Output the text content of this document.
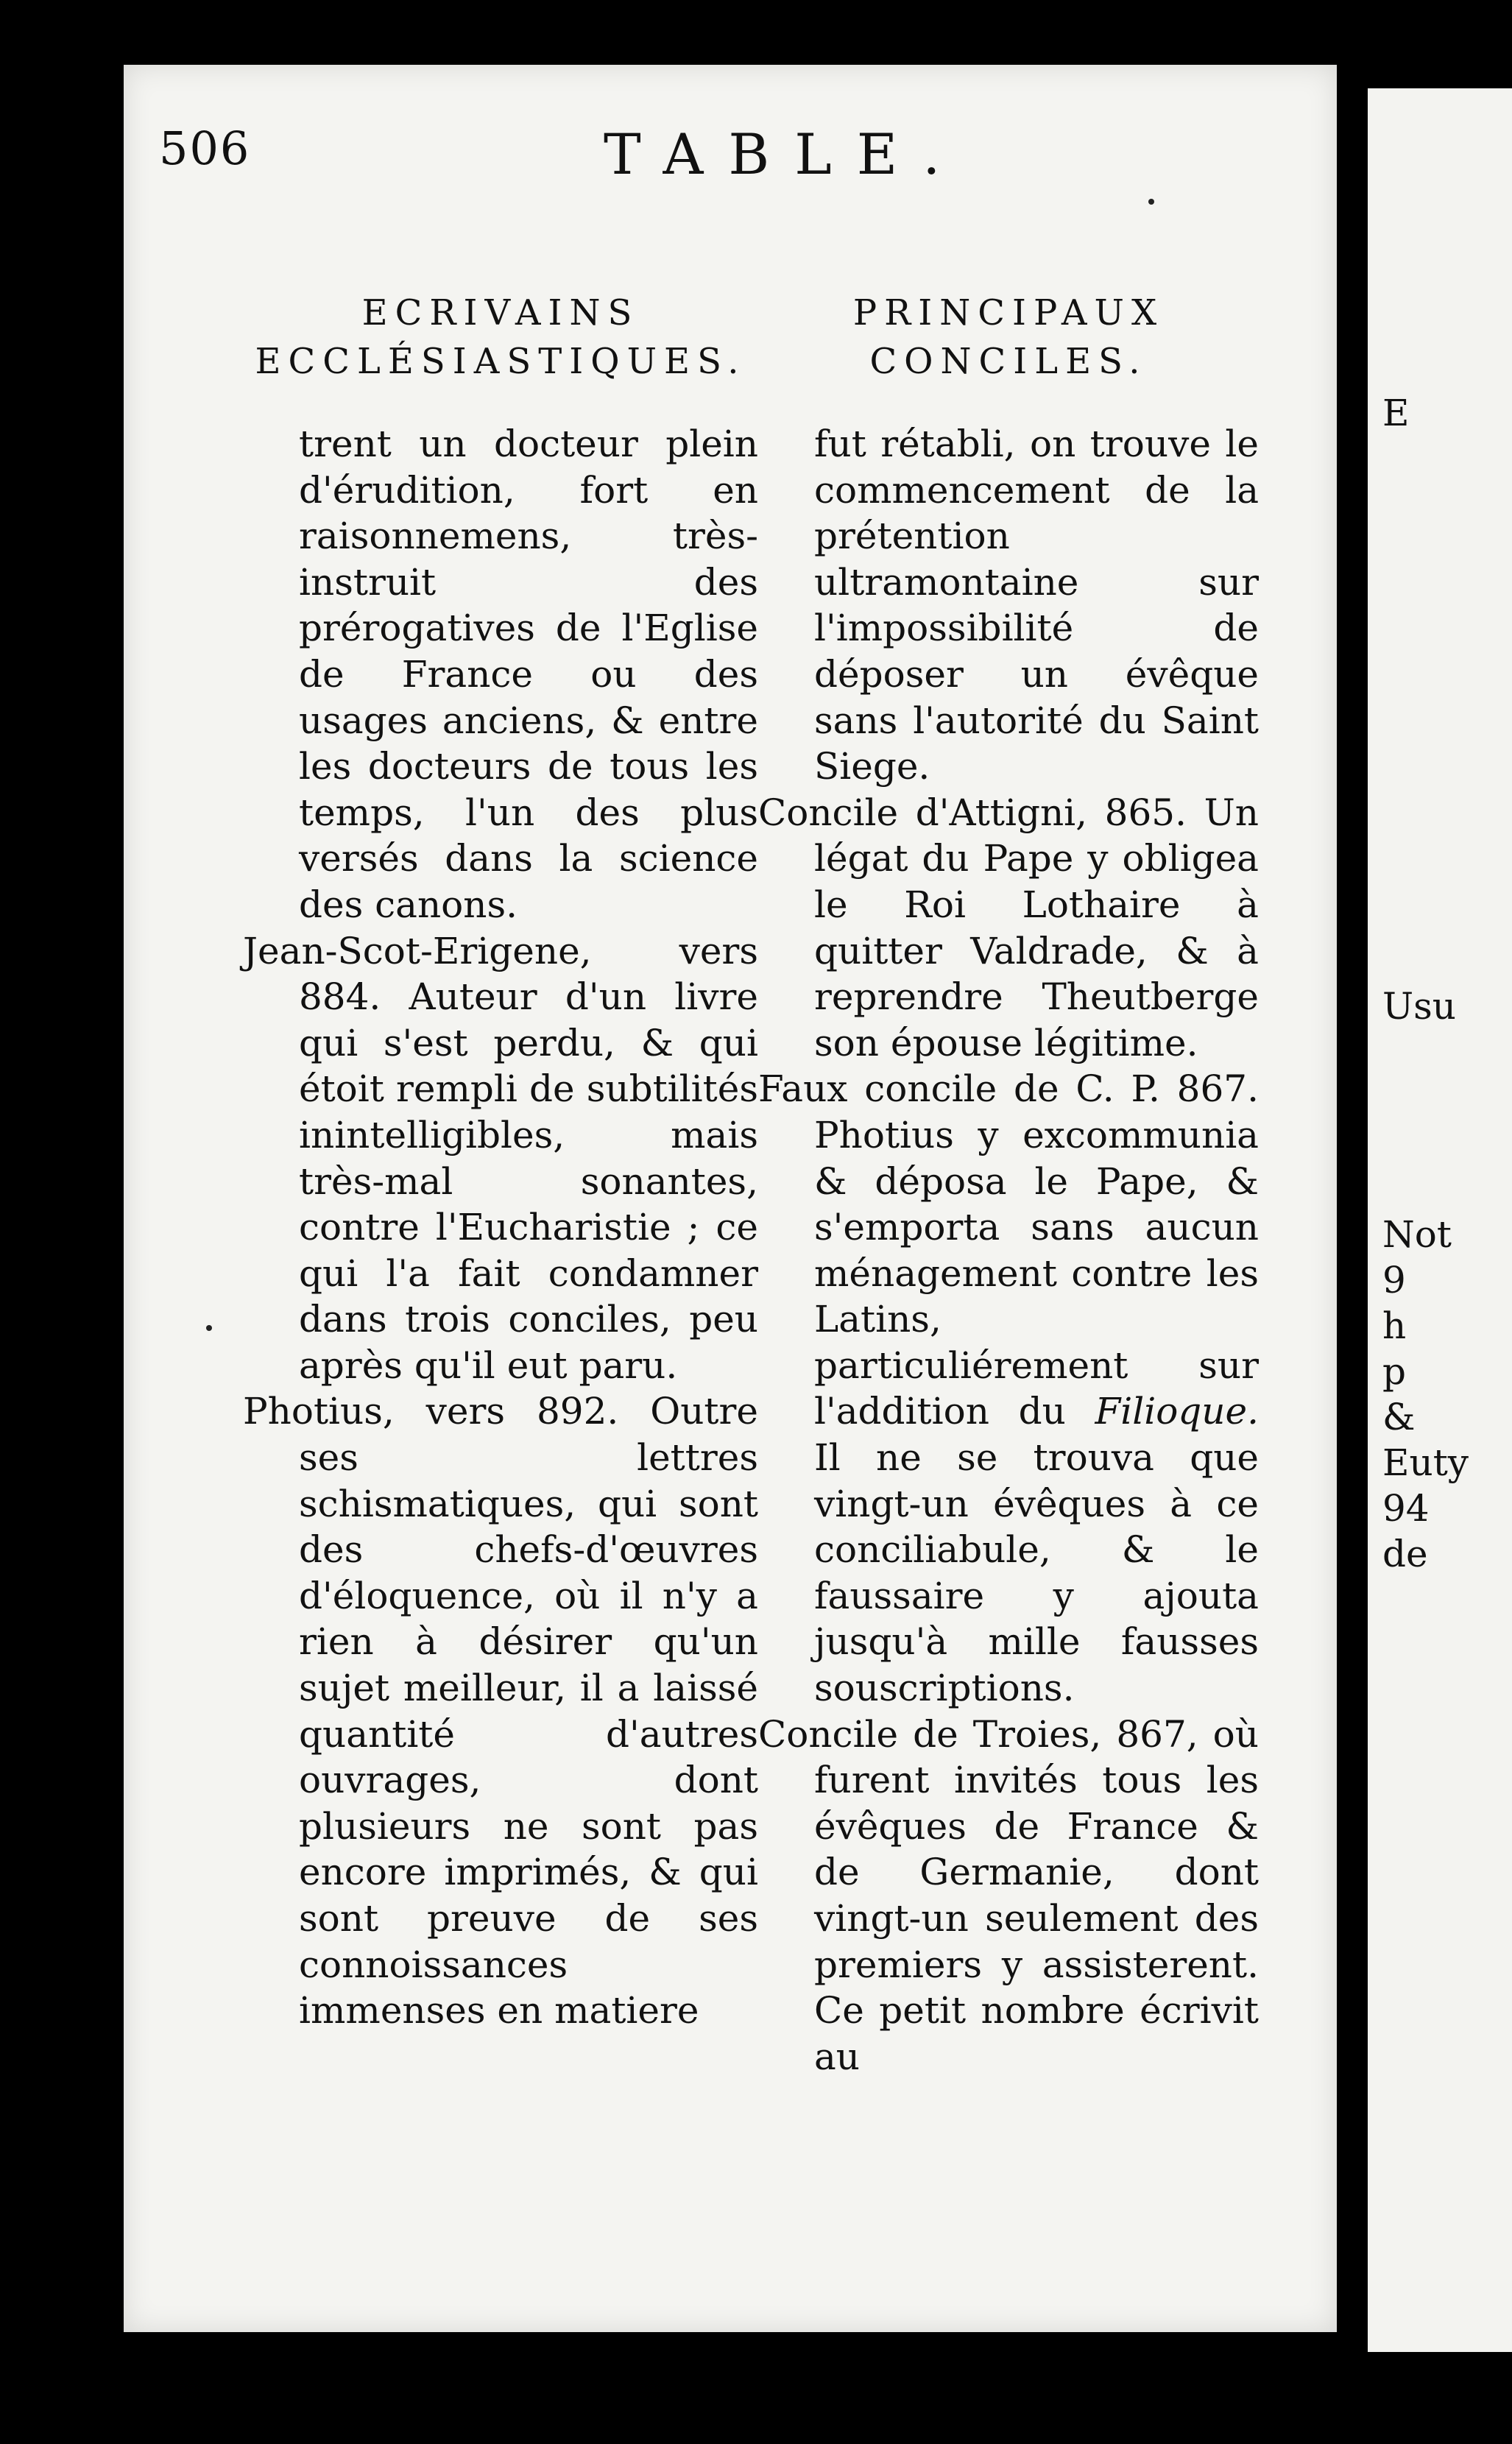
E

Usu

Not
9
h
p
&
Euty
94
de
506	TABLE.
ECRIVAINS ECCLÉSIASTIQUES.
trent un docteur plein d'érudition, fort en raisonnemens, très-instruit des prérogatives de l'Eglise de France ou des usages anciens, & entre les docteurs de tous les temps, l'un des plus versés dans la science des canons.
Jean-Scot-Erigene, vers 884. Auteur d'un livre qui s'est perdu, & qui étoit rempli de subtilités inintelligibles, mais très-mal sonantes, contre l'Eucharistie ; ce qui l'a fait condamner dans trois conciles, peu après qu'il eut paru.
Photius, vers 892. Outre ses lettres schismatiques, qui sont des chefs-d'œuvres d'éloquence, où il n'y a rien à désirer qu'un sujet meilleur, il a laissé quantité d'autres ouvrages, dont plusieurs ne sont pas encore imprimés, & qui sont preuve de ses connoissances immenses en matiere
PRINCIPAUX CONCILES.
fut rétabli, on trouve le commencement de la prétention ultramontaine sur l'impossibilité de déposer un évêque sans l'autorité du Saint Siege.
Concile d'Attigni, 865. Un légat du Pape y obligea le Roi Lothaire à quitter Valdrade, & à reprendre Theutberge son épouse légitime.
Faux concile de C. P. 867. Photius y excommunia & déposa le Pape, & s'emporta sans aucun ménagement contre les Latins, particuliérement sur l'addition du Filioque. Il ne se trouva que vingt-un évêques à ce conciliabule, & le faussaire y ajouta jusqu'à mille fausses souscriptions.
Concile de Troies, 867, où furent invités tous les évêques de France & de Germanie, dont vingt-un seulement des premiers y assisterent. Ce petit nombre écrivit au
